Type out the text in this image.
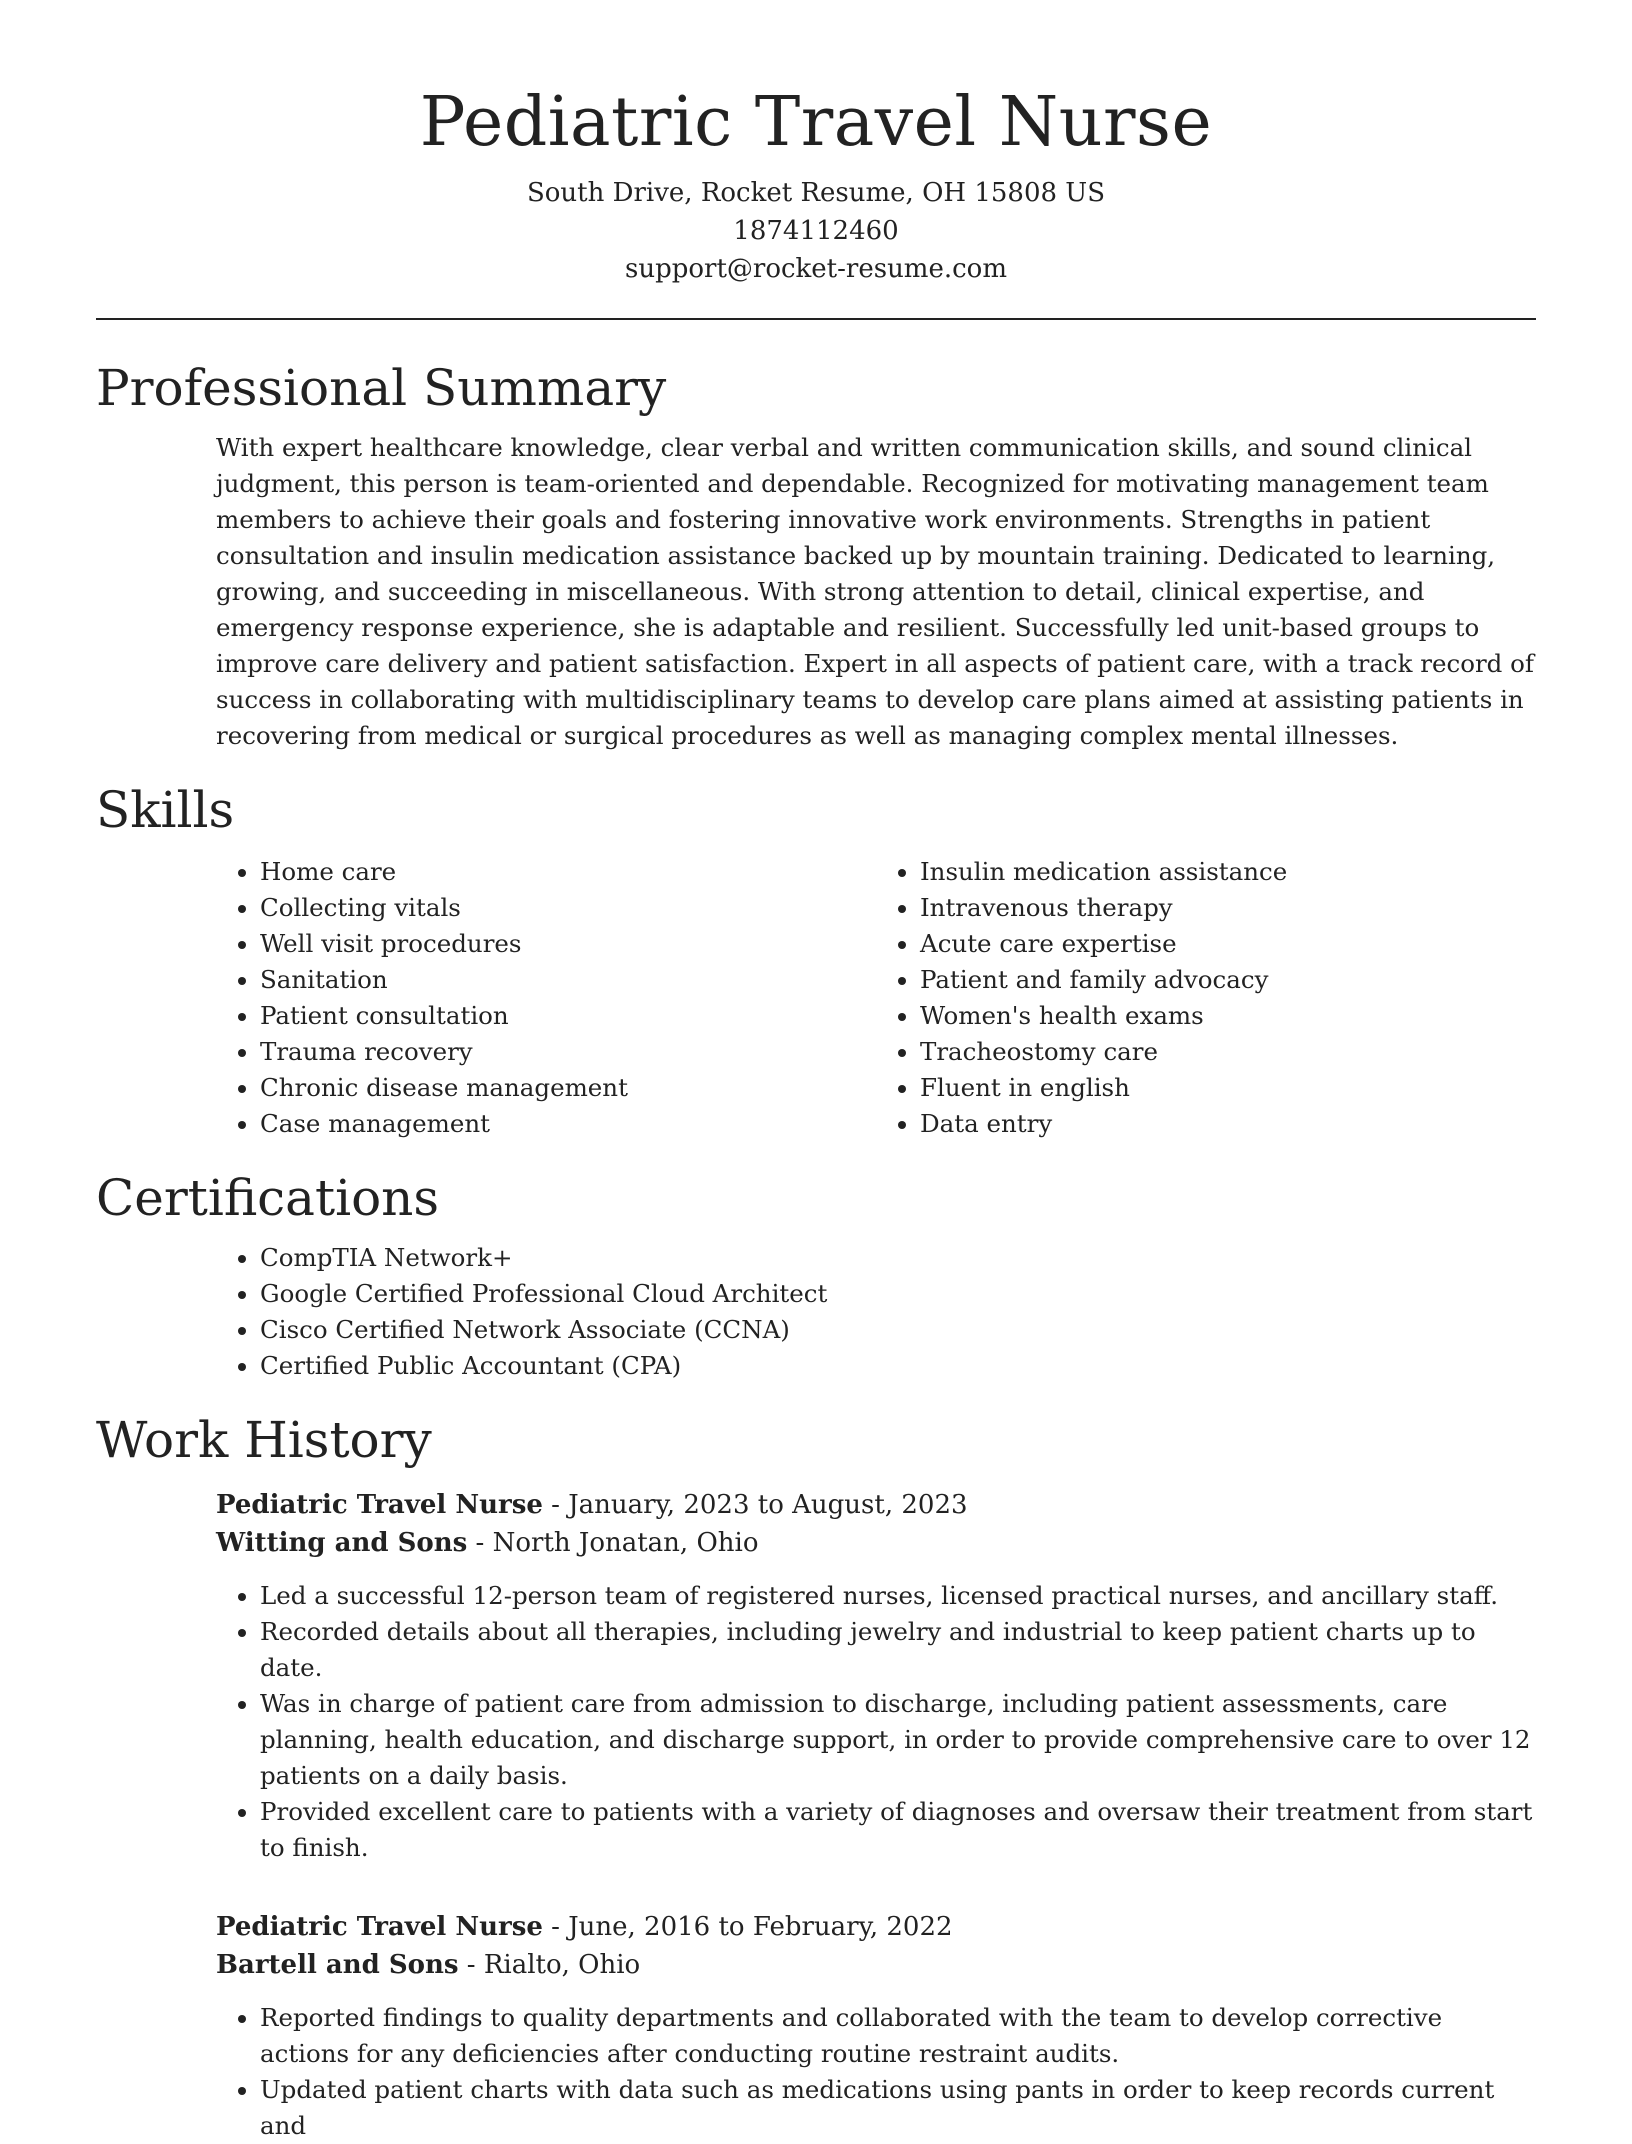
Pediatric Travel Nurse
South Drive, Rocket Resume, OH 15808 US
1874112460
support@rocket-resume.com
Professional Summary
With expert healthcare knowledge, clear verbal and written communication skills, and sound clinical judgment, this person is team-oriented and dependable. Recognized for motivating management team members to achieve their goals and fostering innovative work environments. Strengths in patient consultation and insulin medication assistance backed up by mountain training. Dedicated to learning, growing, and succeeding in miscellaneous. With strong attention to detail, clinical expertise, and emergency response experience, she is adaptable and resilient. Successfully led unit-based groups to improve care delivery and patient satisfaction. Expert in all aspects of patient care, with a track record of success in collaborating with multidisciplinary teams to develop care plans aimed at assisting patients in recovering from medical or surgical procedures as well as managing complex mental illnesses.
Skills
• Home care
• Collecting vitals
• Well visit procedures
• Sanitation
• Patient consultation
• Trauma recovery
• Chronic disease management
• Case management
• Insulin medication assistance
• Intravenous therapy
• Acute care expertise
• Patient and family advocacy
• Women's health exams
• Tracheostomy care
• Fluent in english
• Data entry
Certifications
• CompTIA Network+
• Google Certified Professional Cloud Architect
• Cisco Certified Network Associate (CCNA)
• Certified Public Accountant (CPA)
Work History
Pediatric Travel Nurse - January, 2023 to August, 2023
Witting and Sons - North Jonatan, Ohio
• Led a successful 12-person team of registered nurses, licensed practical nurses, and ancillary staff.
• Recorded details about all therapies, including jewelry and industrial to keep patient charts up to date.
• Was in charge of patient care from admission to discharge, including patient assessments, care planning, health education, and discharge support, in order to provide comprehensive care to over 12 patients on a daily basis.
• Provided excellent care to patients with a variety of diagnoses and oversaw their treatment from start to finish.
Pediatric Travel Nurse - June, 2016 to February, 2022
Bartell and Sons - Rialto, Ohio
• Reported findings to quality departments and collaborated with the team to develop corrective actions for any deficiencies after conducting routine restraint audits.
• Updated patient charts with data such as medications using pants in order to keep records current and
